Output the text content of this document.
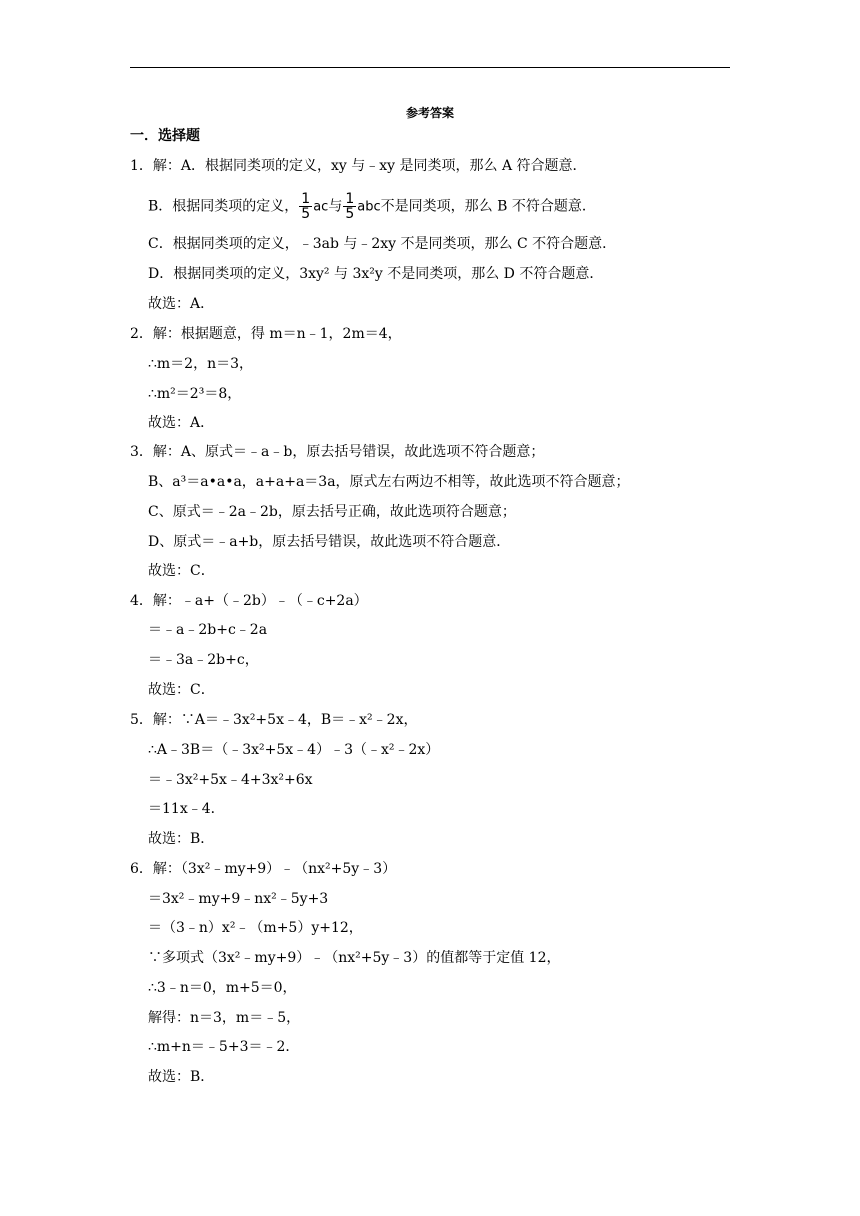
参考答案
一．选择题
1．解：A．根据同类项的定义，xy 与﹣xy 是同类项，那么 A 符合题意．
B．根据同类项的定义， $\frac{1}{5}$ ac与 $\frac{1}{5}$ abc不是同类项，那么 B 不符合题意．
C．根据同类项的定义，﹣3ab 与﹣2xy 不是同类项，那么 C 不符合题意．
D．根据同类项的定义，3xy² 与 3x²y 不是同类项，那么 D 不符合题意．
故选：A．
2．解：根据题意，得 m＝n﹣1，2m＝4，
∴m＝2，n＝3，
∴m²＝2³＝8，
故选：A．
3．解：A、原式＝﹣a﹣b，原去括号错误，故此选项不符合题意；
B、a³＝a•a•a，a+a+a＝3a，原式左右两边不相等，故此选项不符合题意；
C、原式＝﹣2a﹣2b，原去括号正确，故此选项符合题意；
D、原式＝﹣a+b，原去括号错误，故此选项不符合题意．
故选：C．
4．解：﹣a+（﹣2b）﹣（﹣c+2a）
＝﹣a﹣2b+c﹣2a
＝﹣3a﹣2b+c，
故选：C．
5．解：∵A＝﹣3x²+5x﹣4，B＝﹣x²﹣2x，
∴A﹣3B＝（﹣3x²+5x﹣4）﹣3（﹣x²﹣2x）
＝﹣3x²+5x﹣4+3x²+6x
＝11x﹣4．
故选：B．
6．解：（3x²﹣my+9）﹣（nx²+5y﹣3）
＝3x²﹣my+9﹣nx²﹣5y+3
＝（3﹣n）x²﹣（m+5）y+12，
∵多项式（3x²﹣my+9）﹣（nx²+5y﹣3）的值都等于定值 12，
∴3﹣n＝0，m+5＝0，
解得：n＝3，m＝﹣5，
∴m+n＝﹣5+3＝﹣2．
故选：B．
